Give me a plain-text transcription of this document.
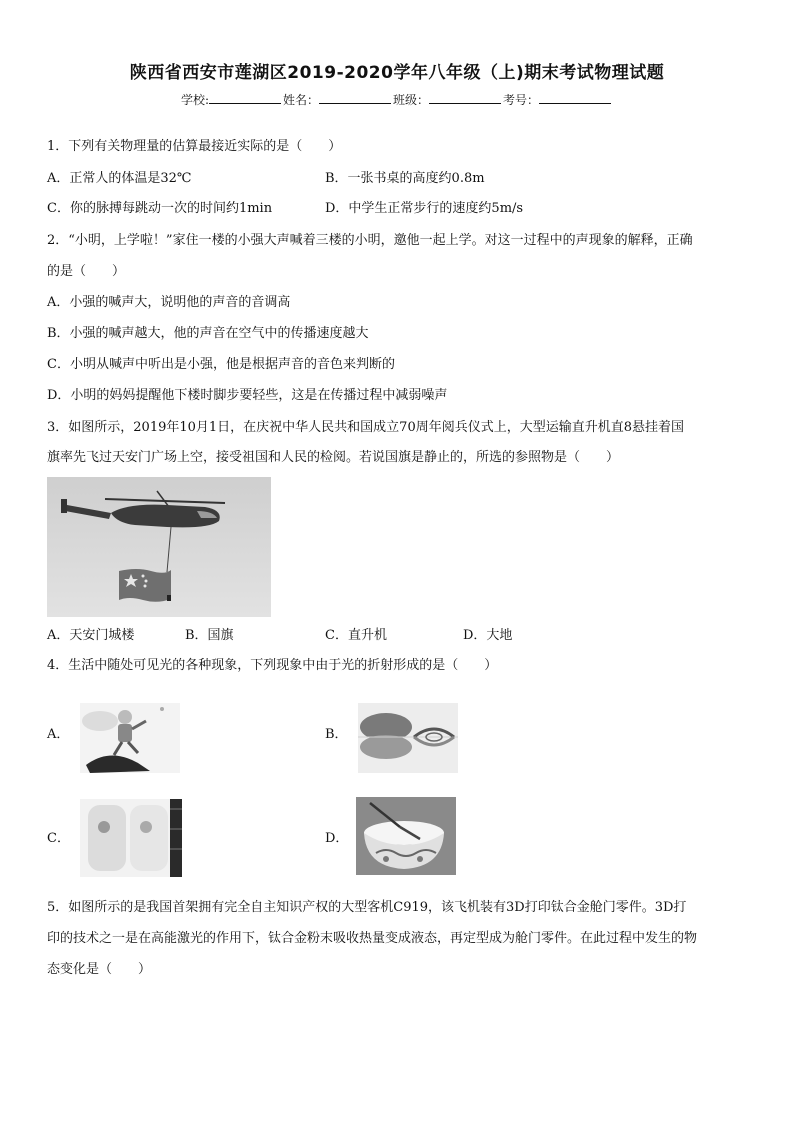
陕西省西安市莲湖区2019-2020学年八年级（上)期末考试物理试题
学校:	姓名：	班级：	考号：
1．下列有关物理量的估算最接近实际的是（　　）
A．正常人的体温是32℃	B．一张书桌的高度约0.8m
C．你的脉搏每跳动一次的时间约1min	D．中学生正常步行的速度约5m/s
2．“小明，上学啦！”家住一楼的小强大声喊着三楼的小明，邀他一起上学。对这一过程中的声现象的解释，正确
的是（　　）
A．小强的喊声大，说明他的声音的音调高
B．小强的喊声越大，他的声音在空气中的传播速度越大
C．小明从喊声中听出是小强，他是根据声音的音色来判断的
D．小明的妈妈提醒他下楼时脚步要轻些，这是在传播过程中减弱噪声
3．如图所示，2019年10月1日，在庆祝中华人民共和国成立70周年阅兵仪式上，大型运输直升机直8悬挂着国
旗率先飞过天安门广场上空，接受祖国和人民的检阅。若说国旗是静止的，所选的参照物是（　　）
A．天安门城楼	B．国旗	C．直升机	D．大地
4．生活中随处可见光的各种现象，下列现象中由于光的折射形成的是（　　）
A．	B．
C．	D．
5．如图所示的是我国首架拥有完全自主知识产权的大型客机C919，该飞机装有3D打印钛合金舱门零件。3D打
印的技术之一是在高能激光的作用下，钛合金粉末吸收热量变成液态，再定型成为舱门零件。在此过程中发生的物
态变化是（　　）
